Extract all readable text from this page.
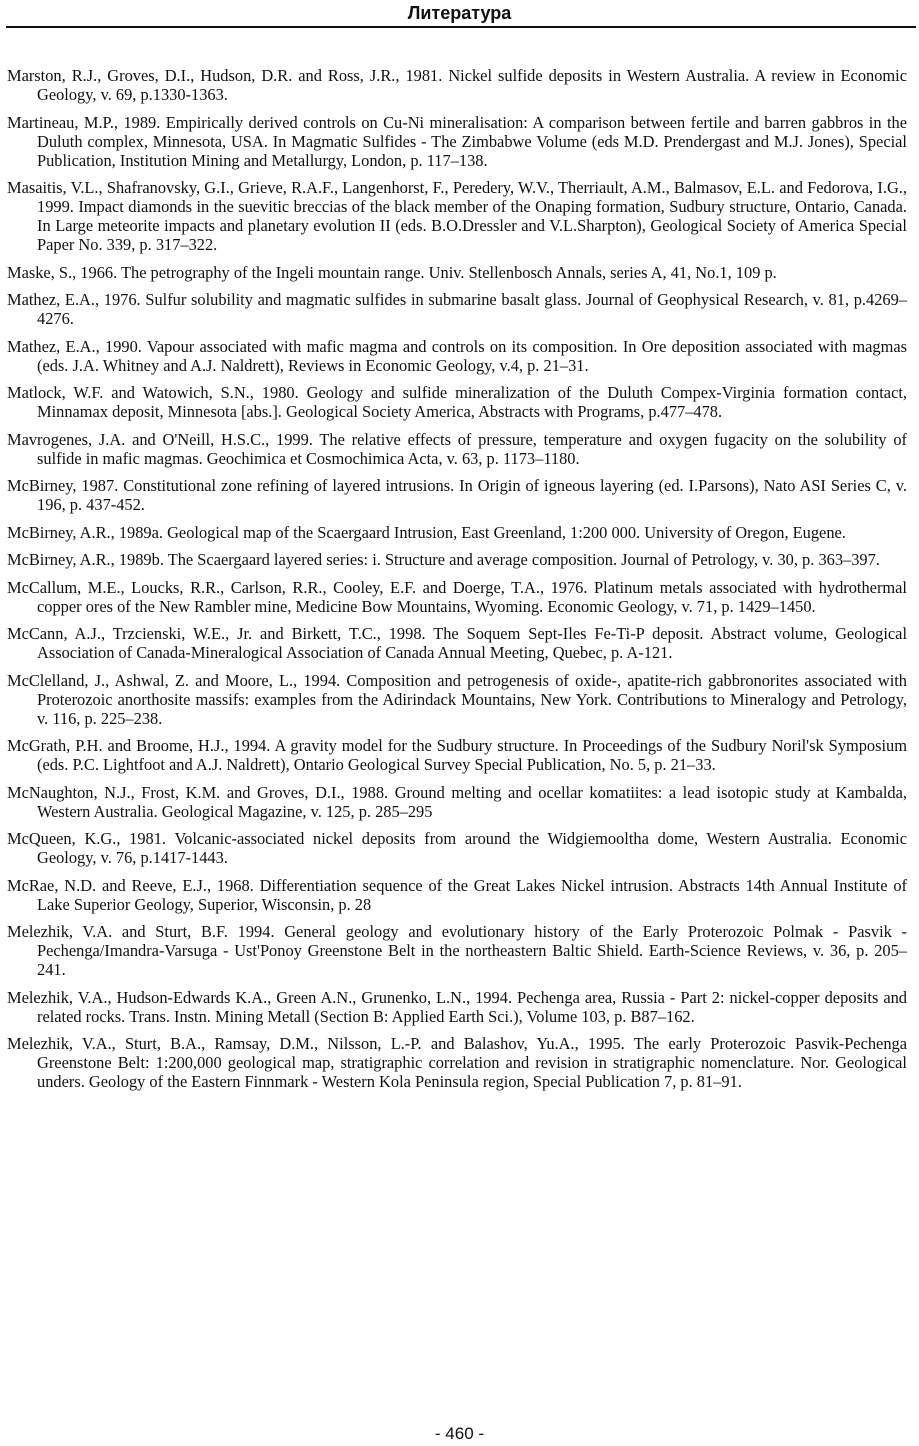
Литература
Marston, R.J., Groves, D.I., Hudson, D.R. and Ross, J.R., 1981. Nickel sulfide deposits in Western Australia. A review in Economic Geology, v. 69, p.1330-1363.
Martineau, M.P., 1989. Empirically derived controls on Cu-Ni mineralisation: A comparison between fertile and barren gabbros in the Duluth complex, Minnesota, USA. In Magmatic Sulfides - The Zimbabwe Volume (eds M.D. Prendergast and M.J. Jones), Special Publication, Institution Mining and Metallurgy, London, p. 117–138.
Masaitis, V.L., Shafranovsky, G.I., Grieve, R.A.F., Langenhorst, F., Peredery, W.V., Therriault, A.M., Balmasov, E.L. and Fedorova, I.G., 1999. Impact diamonds in the suevitic breccias of the black member of the Onaping formation, Sudbury structure, Ontario, Canada. In Large meteorite impacts and planetary evolution II (eds. B.O.Dressler and V.L.Sharpton), Geological Society of America Special Paper No. 339, p. 317–322.
Maske, S., 1966. The petrography of the Ingeli mountain range. Univ. Stellenbosch Annals, series A, 41, No.1, 109 p.
Mathez, E.A., 1976. Sulfur solubility and magmatic sulfides in submarine basalt glass. Journal of Geophysical Research, v. 81, p.4269–4276.
Mathez, E.A., 1990. Vapour associated with mafic magma and controls on its composition. In Ore deposition associated with magmas (eds. J.A. Whitney and A.J. Naldrett), Reviews in Economic Geology, v.4, p. 21–31.
Matlock, W.F. and Watowich, S.N., 1980. Geology and sulfide mineralization of the Duluth Compex-Virginia formation contact, Minnamax deposit, Minnesota [abs.]. Geological Society America, Abstracts with Programs, p.477–478.
Mavrogenes, J.A. and O'Neill, H.S.C., 1999. The relative effects of pressure, temperature and oxygen fugacity on the solubility of sulfide in mafic magmas. Geochimica et Cosmochimica Acta, v. 63, p. 1173–1180.
McBirney, 1987. Constitutional zone refining of layered intrusions. In Origin of igneous layering (ed. I.Parsons), Nato ASI Series C, v. 196, p. 437-452.
McBirney, A.R., 1989a. Geological map of the Scaergaard Intrusion, East Greenland, 1:200 000. University of Oregon, Eugene.
McBirney, A.R., 1989b. The Scaergaard layered series: i. Structure and average composition. Journal of Petrology, v. 30, p. 363–397.
McCallum, M.E., Loucks, R.R., Carlson, R.R., Cooley, E.F. and Doerge, T.A., 1976. Platinum metals associated with hydrothermal copper ores of the New Rambler mine, Medicine Bow Mountains, Wyoming. Economic Geology, v. 71, p. 1429–1450.
McCann, A.J., Trzcienski, W.E., Jr. and Birkett, T.C., 1998. The Soquem Sept-Iles Fe-Ti-P deposit. Abstract volume, Geological Association of Canada-Mineralogical Association of Canada Annual Meeting, Quebec, p. A-121.
McClelland, J., Ashwal, Z. and Moore, L., 1994. Composition and petrogenesis of oxide-, apatite-rich gabbronorites associated with Proterozoic anorthosite massifs: examples from the Adirindack Mountains, New York. Contributions to Mineralogy and Petrology, v. 116, p. 225–238.
McGrath, P.H. and Broome, H.J., 1994. A gravity model for the Sudbury structure. In Proceedings of the Sudbury Noril'sk Symposium (eds. P.C. Lightfoot and A.J. Naldrett), Ontario Geological Survey Special Publication, No. 5, p. 21–33.
McNaughton, N.J., Frost, K.M. and Groves, D.I., 1988. Ground melting and ocellar komatiites: a lead isotopic study at Kambalda, Western Australia. Geological Magazine, v. 125, p. 285–295
McQueen, K.G., 1981. Volcanic-associated nickel deposits from around the Widgiemooltha dome, Western Australia. Economic Geology, v. 76, p.1417-1443.
McRae, N.D. and Reeve, E.J., 1968. Differentiation sequence of the Great Lakes Nickel intrusion. Abstracts 14th Annual Institute of Lake Superior Geology, Superior, Wisconsin, p. 28
Melezhik, V.A. and Sturt, B.F. 1994. General geology and evolutionary history of the Early Proterozoic Polmak - Pasvik - Pechenga/Imandra-Varsuga - Ust'Ponoy Greenstone Belt in the northeastern Baltic Shield. Earth-Science Reviews, v. 36, p. 205–241.
Melezhik, V.A., Hudson-Edwards K.A., Green A.N., Grunenko, L.N., 1994. Pechenga area, Russia - Part 2: nickel-copper deposits and related rocks. Trans. Instn. Mining Metall (Section B: Applied Earth Sci.), Volume 103, p. B87–162.
Melezhik, V.A., Sturt, B.A., Ramsay, D.M., Nilsson, L.-P. and Balashov, Yu.A., 1995. The early Proterozoic Pasvik-Pechenga Greenstone Belt: 1:200,000 geological map, stratigraphic correlation and revision in stratigraphic nomenclature. Nor. Geological unders. Geology of the Eastern Finnmark - Western Kola Peninsula region, Special Publication 7, p. 81–91.
- 460 -
